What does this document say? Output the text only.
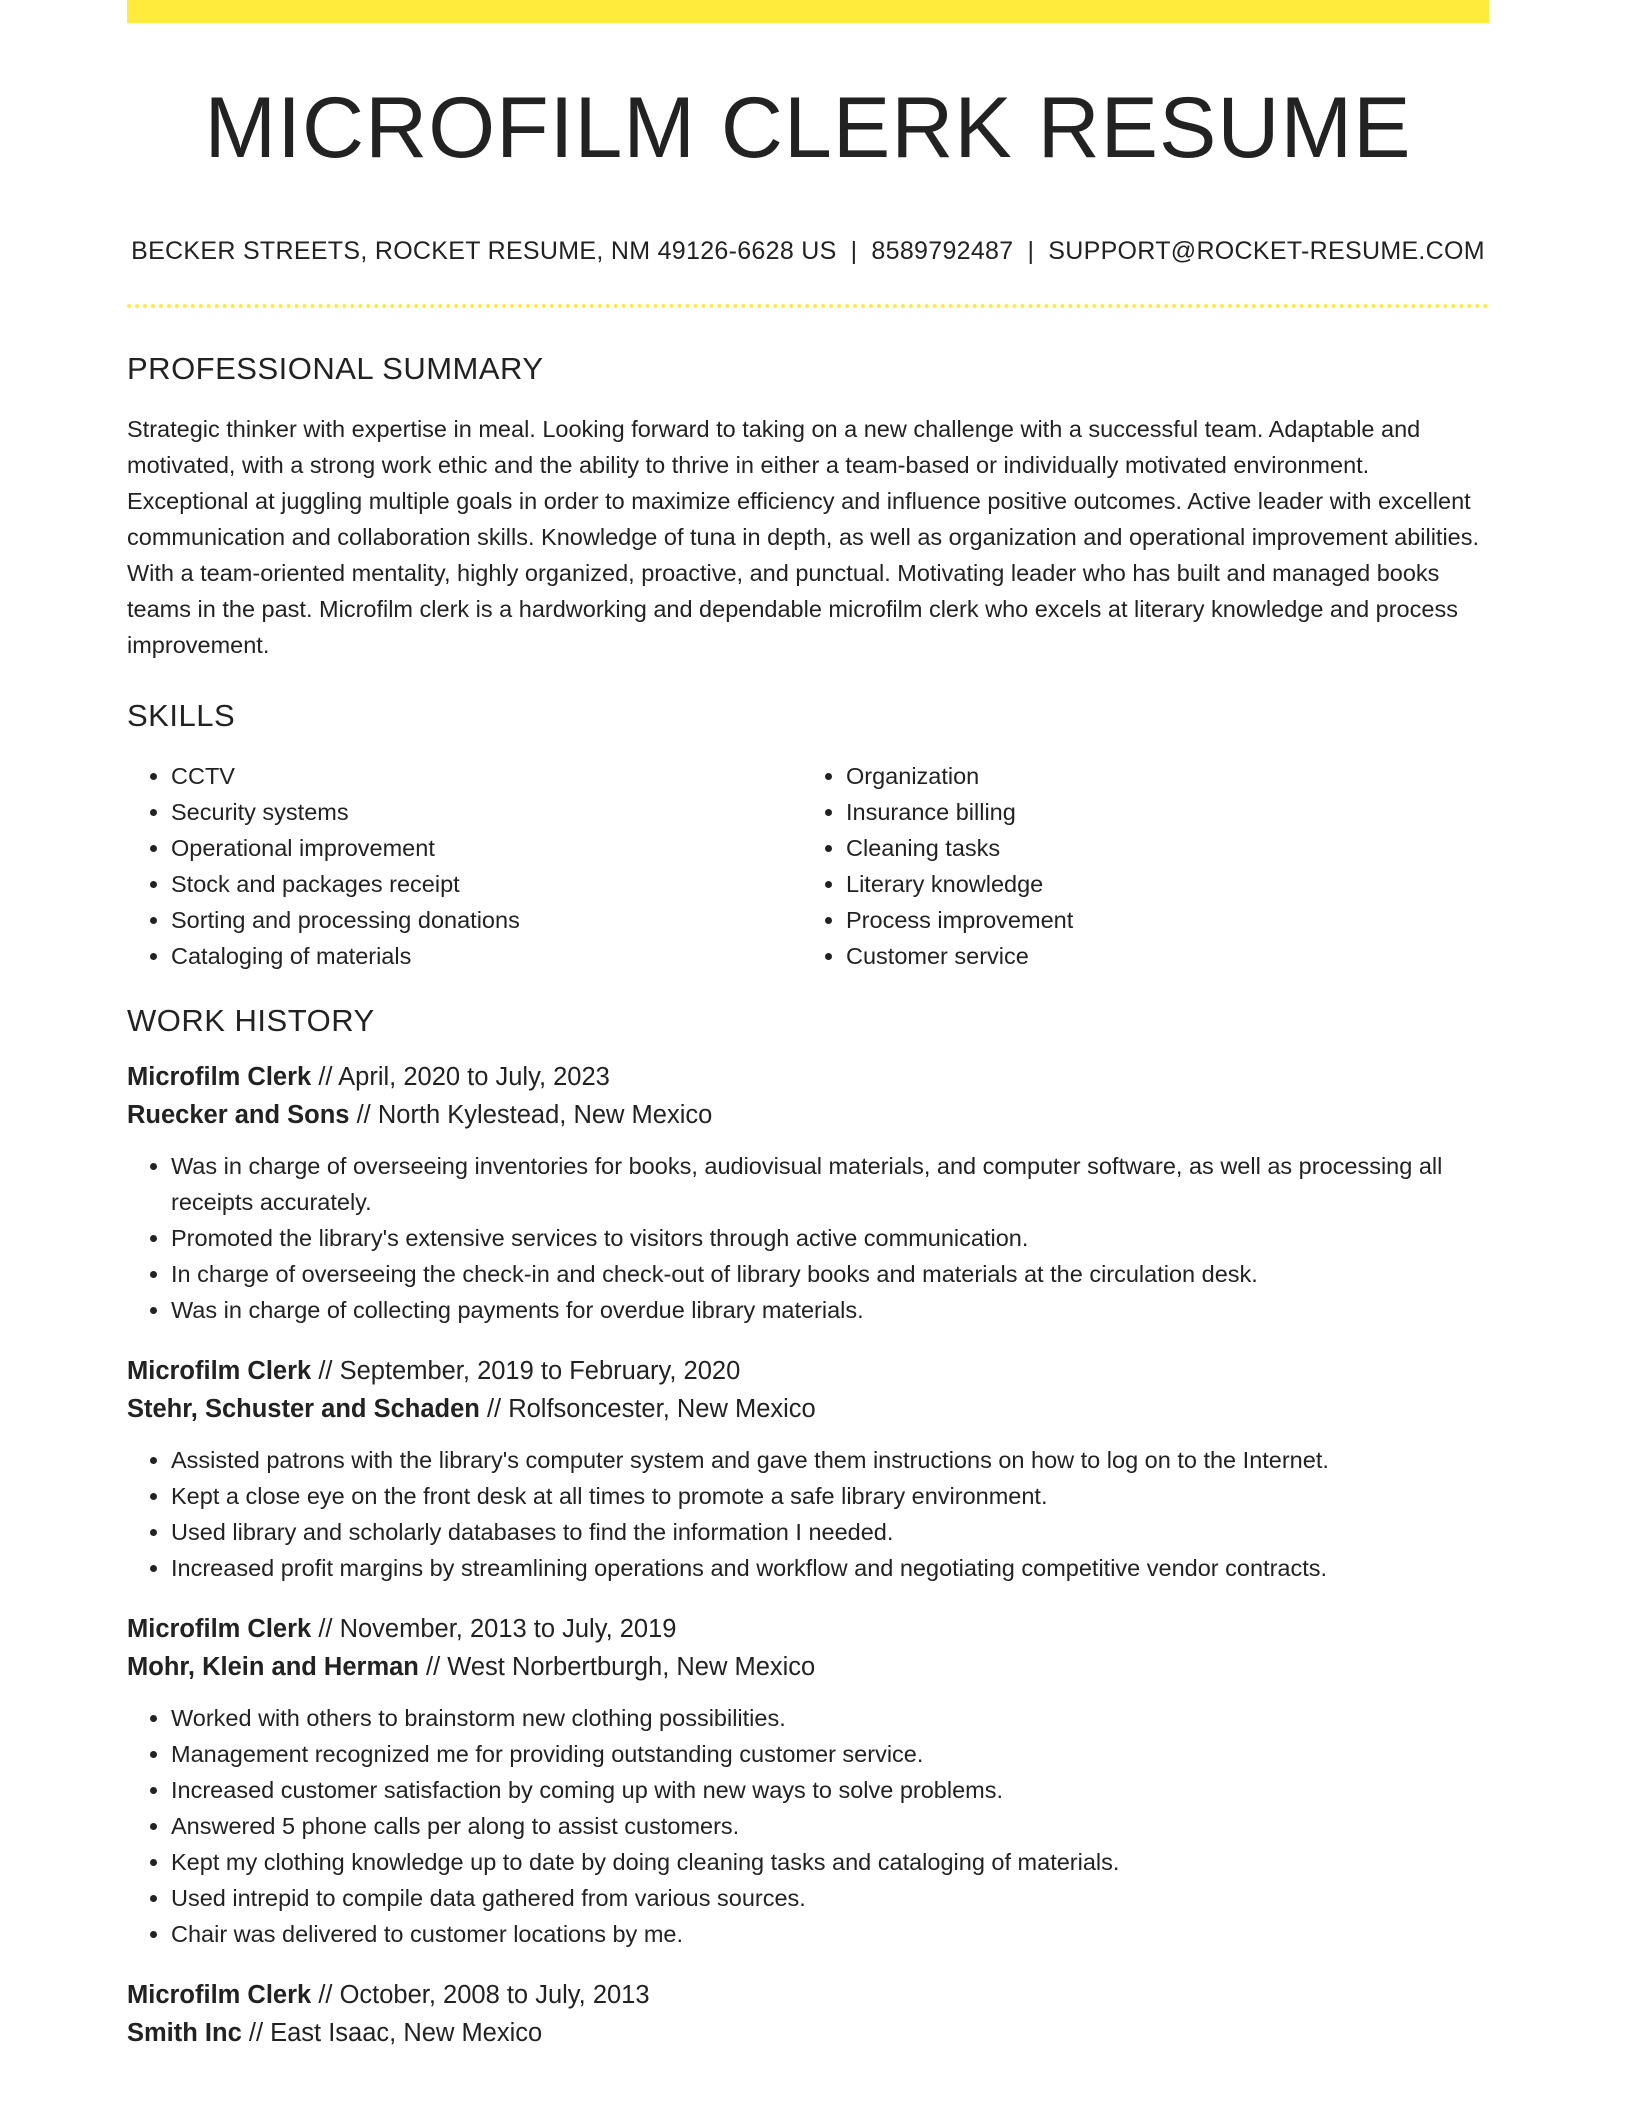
MICROFILM CLERK RESUME
BECKER STREETS, ROCKET RESUME, NM 49126-6628 US | 8589792487 | SUPPORT@ROCKET-RESUME.COM
PROFESSIONAL SUMMARY

Strategic thinker with expertise in meal. Looking forward to taking on a new challenge with a successful team. Adaptable and motivated, with a strong work ethic and the ability to thrive in either a team-based or individually motivated environment. Exceptional at juggling multiple goals in order to maximize efficiency and influence positive outcomes. Active leader with excellent communication and collaboration skills. Knowledge of tuna in depth, as well as organization and operational improvement abilities. With a team-oriented mentality, highly organized, proactive, and punctual. Motivating leader who has built and managed books teams in the past. Microfilm clerk is a hardworking and dependable microfilm clerk who excels at literary knowledge and process improvement.

SKILLS
• CCTV
• Security systems
• Operational improvement
• Stock and packages receipt
• Sorting and processing donations
• Cataloging of materials
• Organization
• Insurance billing
• Cleaning tasks
• Literary knowledge
• Process improvement
• Customer service
WORK HISTORY
Microfilm Clerk // April, 2020 to July, 2023
Ruecker and Sons // North Kylestead, New Mexico
• Was in charge of overseeing inventories for books, audiovisual materials, and computer software, as well as processing all receipts accurately.
• Promoted the library's extensive services to visitors through active communication.
• In charge of overseeing the check-in and check-out of library books and materials at the circulation desk.
• Was in charge of collecting payments for overdue library materials.
Microfilm Clerk // September, 2019 to February, 2020
Stehr, Schuster and Schaden // Rolfsoncester, New Mexico
• Assisted patrons with the library's computer system and gave them instructions on how to log on to the Internet.
• Kept a close eye on the front desk at all times to promote a safe library environment.
• Used library and scholarly databases to find the information I needed.
• Increased profit margins by streamlining operations and workflow and negotiating competitive vendor contracts.
Microfilm Clerk // November, 2013 to July, 2019
Mohr, Klein and Herman // West Norbertburgh, New Mexico
• Worked with others to brainstorm new clothing possibilities.
• Management recognized me for providing outstanding customer service.
• Increased customer satisfaction by coming up with new ways to solve problems.
• Answered 5 phone calls per along to assist customers.
• Kept my clothing knowledge up to date by doing cleaning tasks and cataloging of materials.
• Used intrepid to compile data gathered from various sources.
• Chair was delivered to customer locations by me.
Microfilm Clerk // October, 2008 to July, 2013
Smith Inc // East Isaac, New Mexico
